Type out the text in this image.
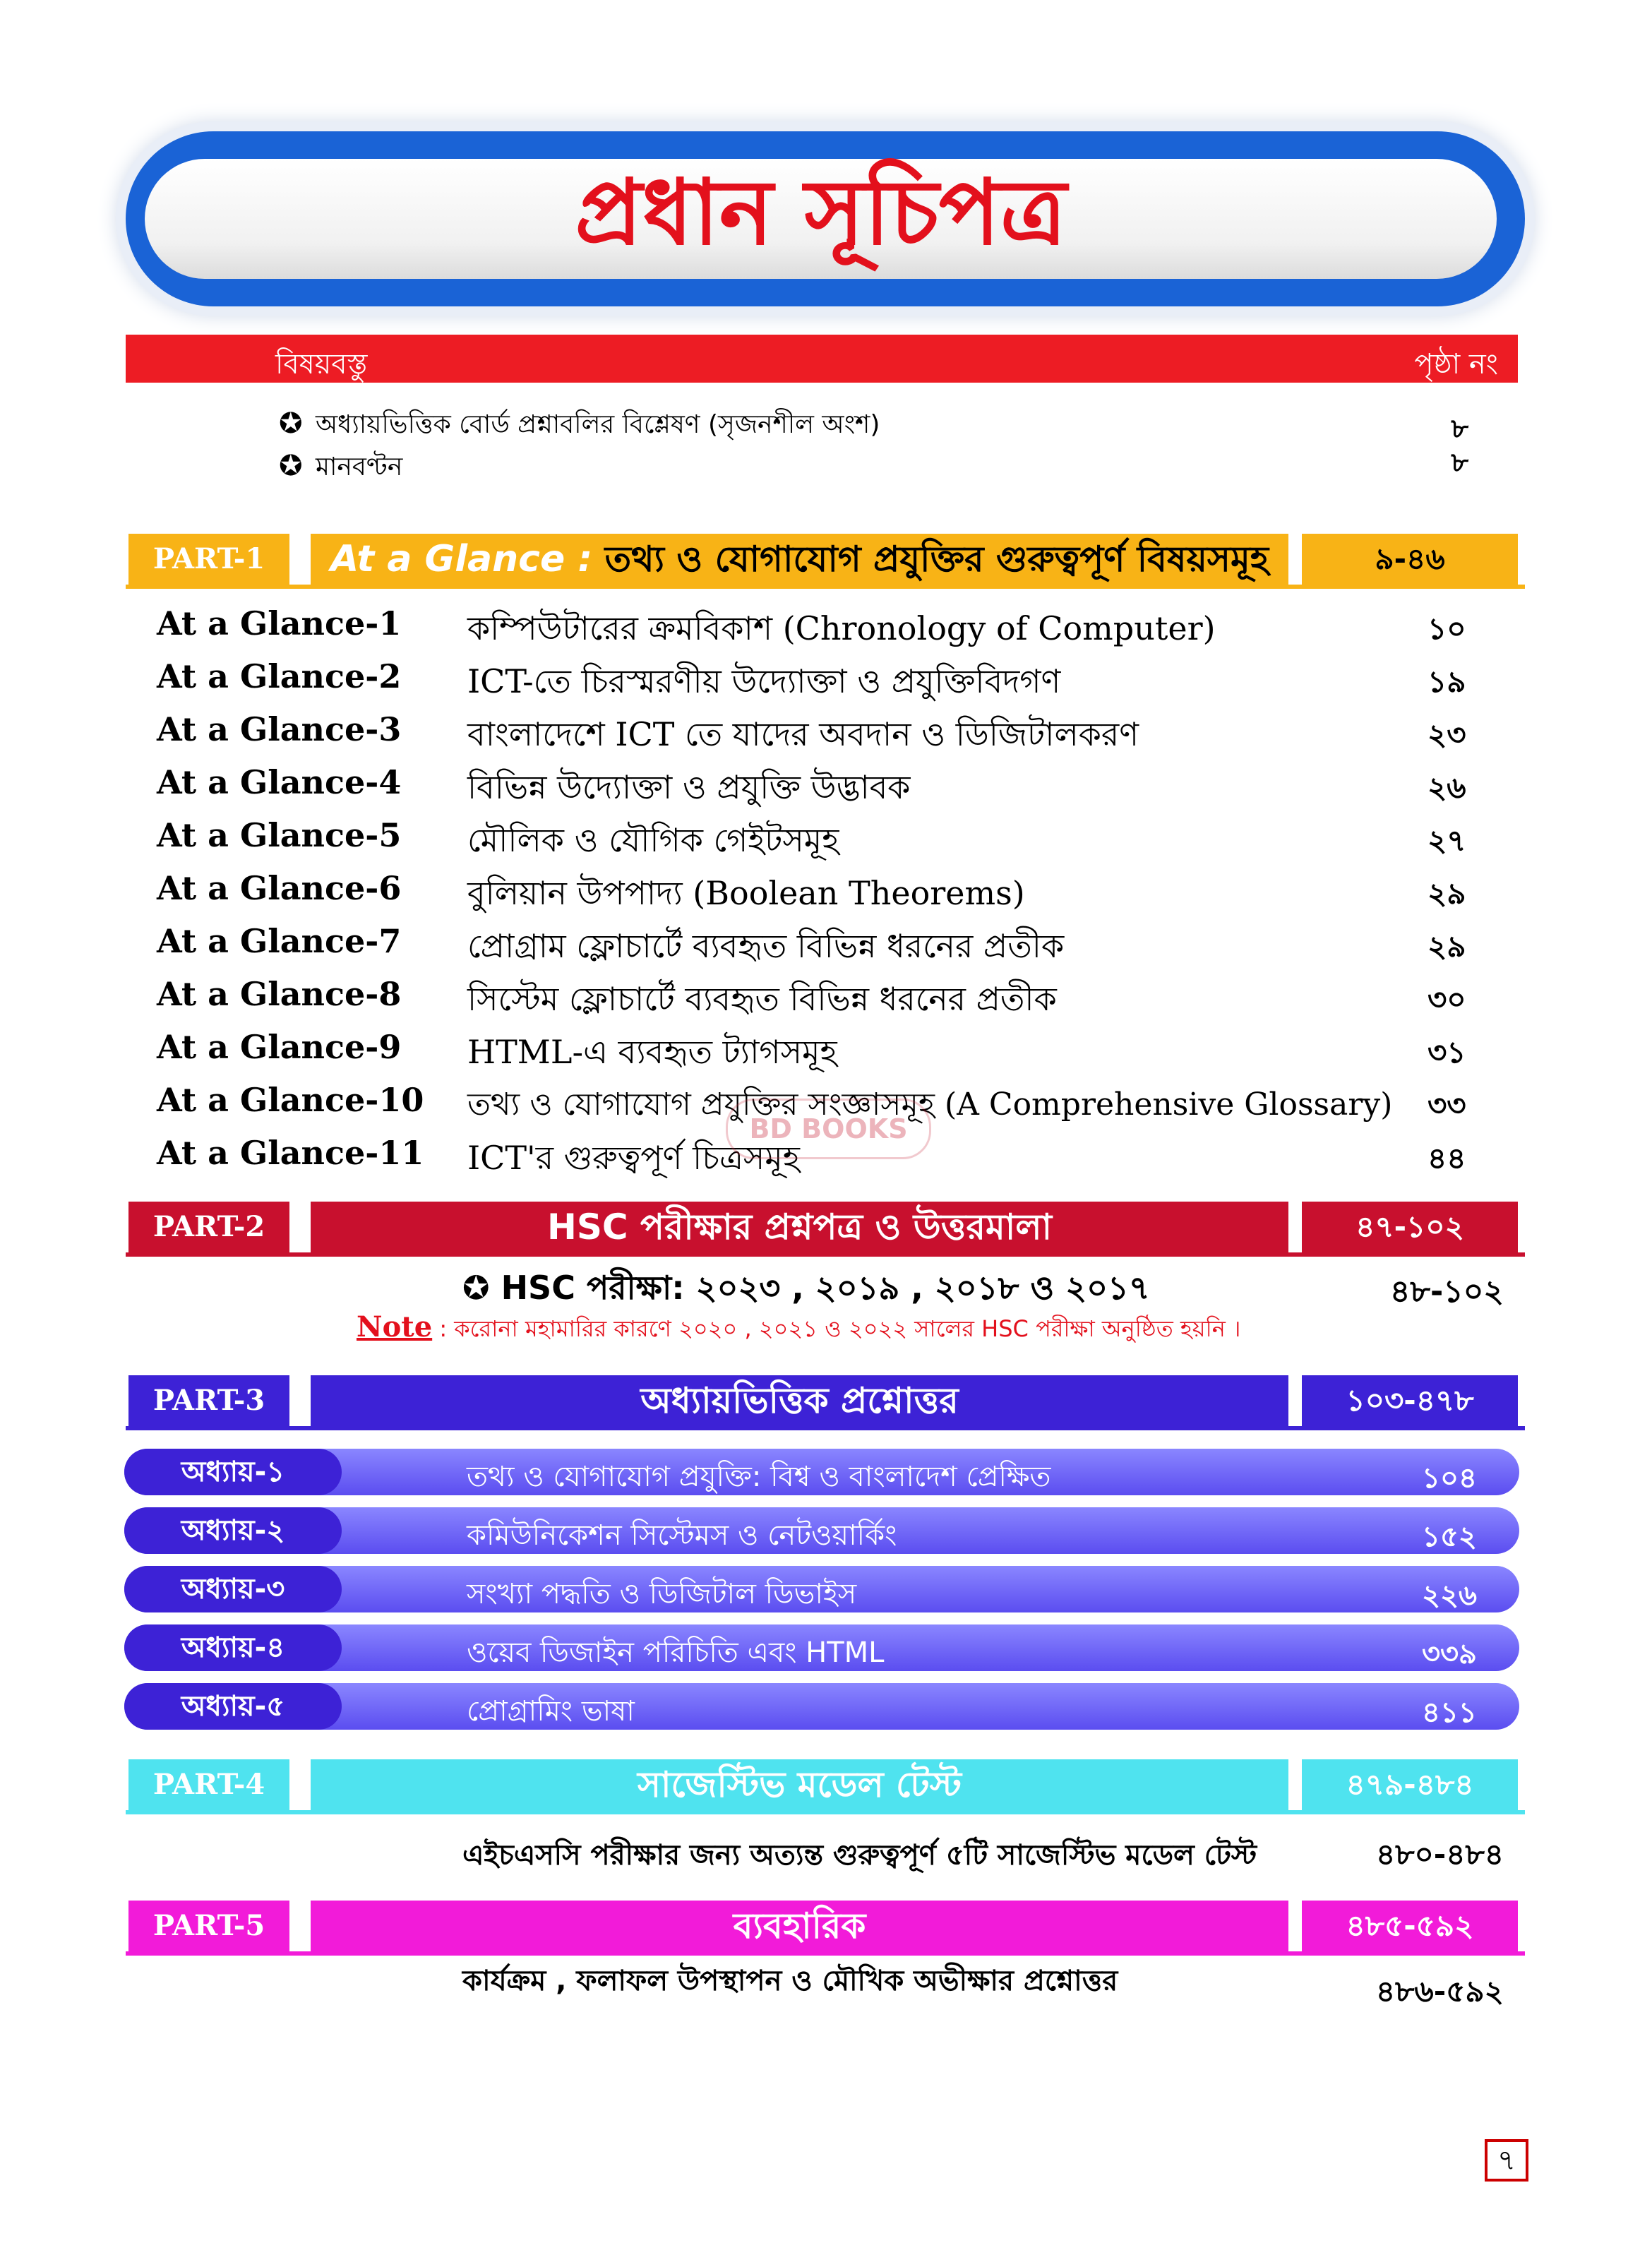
প্রধান সূচিপত্র
বিষয়বস্তু	পৃষ্ঠা নং
✪ অধ্যায়ভিত্তিক বোর্ড প্রশ্নাবলির বিশ্লেষণ (সৃজনশীল অংশ)	৮
✪ মানবণ্টন	৮
PART-1	At a Glance : তথ্য ও যোগাযোগ প্রযুক্তির গুরুত্বপূর্ণ বিষয়সমূহ	৯-৪৬
At a Glance-1 কম্পিউটারের ক্রমবিকাশ (Chronology of Computer)	১০
At a Glance-2 ICT-তে চিরস্মরণীয় উদ্যোক্তা ও প্রযুক্তিবিদগণ	১৯
At a Glance-3 বাংলাদেশে ICT তে যাদের অবদান ও ডিজিটালকরণ	২৩
At a Glance-4 বিভিন্ন উদ্যোক্তা ও প্রযুক্তি উদ্ভাবক	২৬
At a Glance-5 মৌলিক ও যৌগিক গেইটসমূহ	২৭
At a Glance-6 বুলিয়ান উপপাদ্য (Boolean Theorems)	২৯
At a Glance-7 প্রোগ্রাম ফ্লোচার্টে ব্যবহৃত বিভিন্ন ধরনের প্রতীক	২৯
At a Glance-8 সিস্টেম ফ্লোচার্টে ব্যবহৃত বিভিন্ন ধরনের প্রতীক	৩০
At a Glance-9 HTML-এ ব্যবহৃত ট্যাগসমূহ	৩১
At a Glance-10 তথ্য ও যোগাযোগ প্রযুক্তির সংজ্ঞাসমূহ (A Comprehensive Glossary) ৩৩
At a Glance-11 ICT'র গুরুত্বপূর্ণ চিত্রসমূহ	৪৪
BD BOOKS
PART-2	HSC পরীক্ষার প্রশ্নপত্র ও উত্তরমালা	৪৭-১০২
✪ HSC পরীক্ষা: ২০২৩ , ২০১৯ , ২০১৮ ও ২০১৭	৪৮-১০২
Note : করোনা মহামারির কারণে ২০২০ , ২০২১ ও ২০২২ সালের HSC পরীক্ষা অনুষ্ঠিত হয়নি ।
PART-3	অধ্যায়ভিত্তিক প্রশ্নোত্তর	১০৩-৪৭৮
অধ্যায়-১	তথ্য ও যোগাযোগ প্রযুক্তি: বিশ্ব ও বাংলাদেশ প্রেক্ষিত	১০৪
অধ্যায়-২	কমিউনিকেশন সিস্টেমস ও নেটওয়ার্কিং	১৫২
অধ্যায়-৩	সংখ্যা পদ্ধতি ও ডিজিটাল ডিভাইস	২২৬
অধ্যায়-৪	ওয়েব ডিজাইন পরিচিতি এবং HTML	৩৩৯
অধ্যায়-৫	প্রোগ্রামিং ভাষা	৪১১
PART-4	সাজেস্টিভ মডেল টেস্ট	৪৭৯-৪৮৪
এইচএসসি পরীক্ষার জন্য অত্যন্ত গুরুত্বপূর্ণ ৫টি সাজেস্টিভ মডেল টেস্ট	৪৮০-৪৮৪
PART-5	ব্যবহারিক	৪৮৫-৫৯২
কার্যক্রম , ফলাফল উপস্থাপন ও মৌখিক অভীক্ষার প্রশ্নোত্তর	৪৮৬-৫৯২
৭
